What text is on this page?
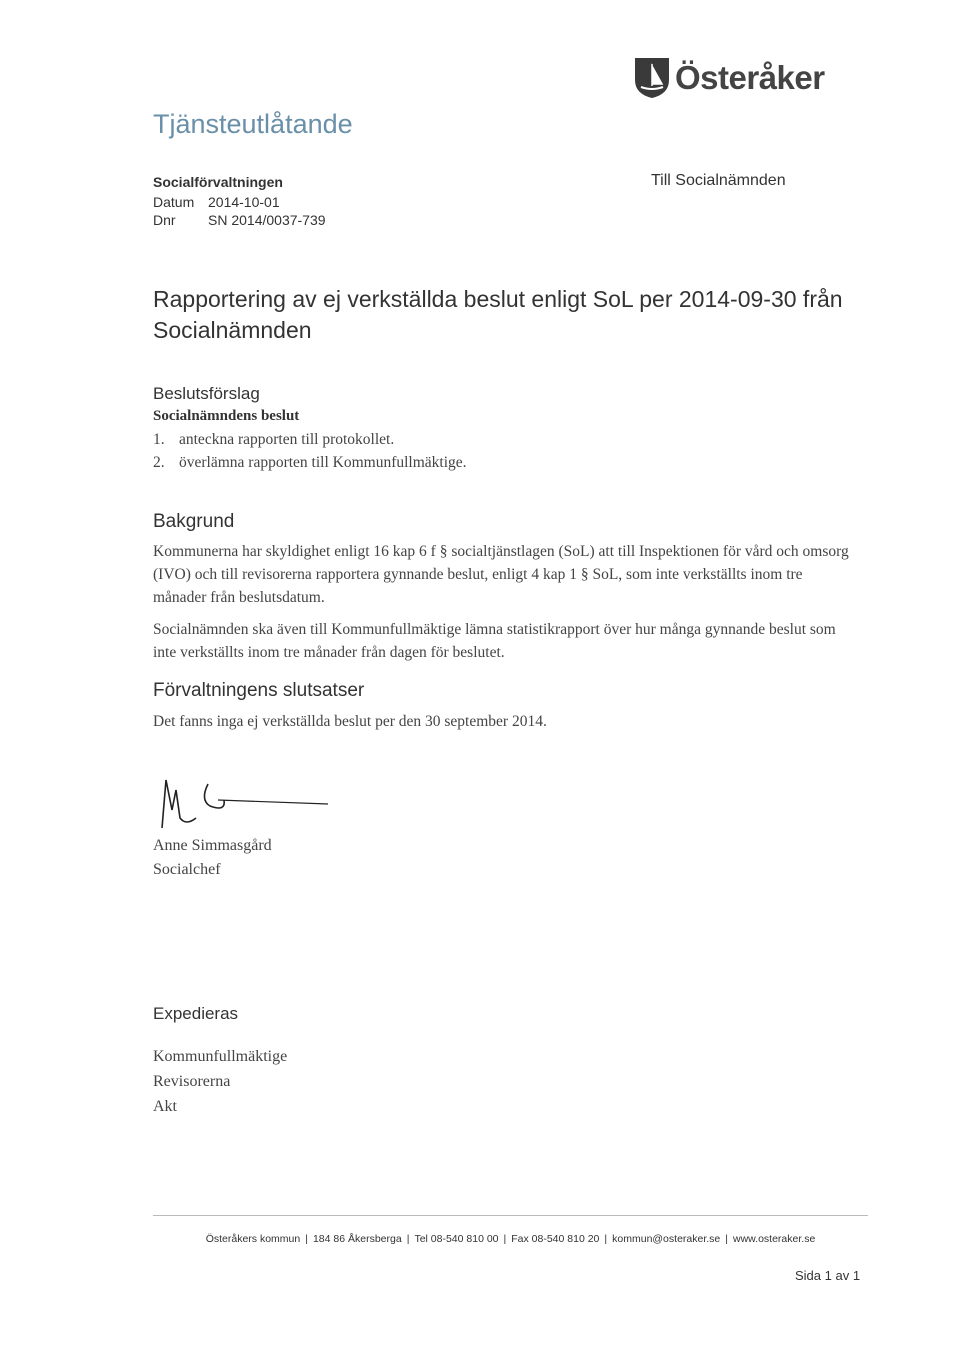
Österåker
Tjänsteutlåtande
Socialförvaltningen
Datum 2014-10-01
Dnr SN 2014/0037-739
Till Socialnämnden
Rapportering av ej verkställda beslut enligt SoL per 2014-09-30 från Socialnämnden
Beslutsförslag
Socialnämndens beslut
1. anteckna rapporten till protokollet.
2. överlämna rapporten till Kommunfullmäktige.
Bakgrund

Kommunerna har skyldighet enligt 16 kap 6 f § socialtjänstlagen (SoL) att till Inspektionen för vård och omsorg (IVO) och till revisorerna rapportera gynnande beslut, enligt 4 kap 1 § SoL, som inte verkställts inom tre månader från beslutsdatum.

Socialnämnden ska även till Kommunfullmäktige lämna statistikrapport över hur många gynnande beslut som inte verkställts inom tre månader från dagen för beslutet.

Förvaltningens slutsatser

Det fanns inga ej verkställda beslut per den 30 september 2014.

Anne Simmasgård
Socialchef
Expedieras
Kommunfullmäktige
Revisorerna
Akt
Österåkers kommun | 184 86 Åkersberga | Tel 08-540 810 00 | Fax 08-540 810 20 | kommun@osteraker.se | www.osteraker.se
Sida 1 av 1
